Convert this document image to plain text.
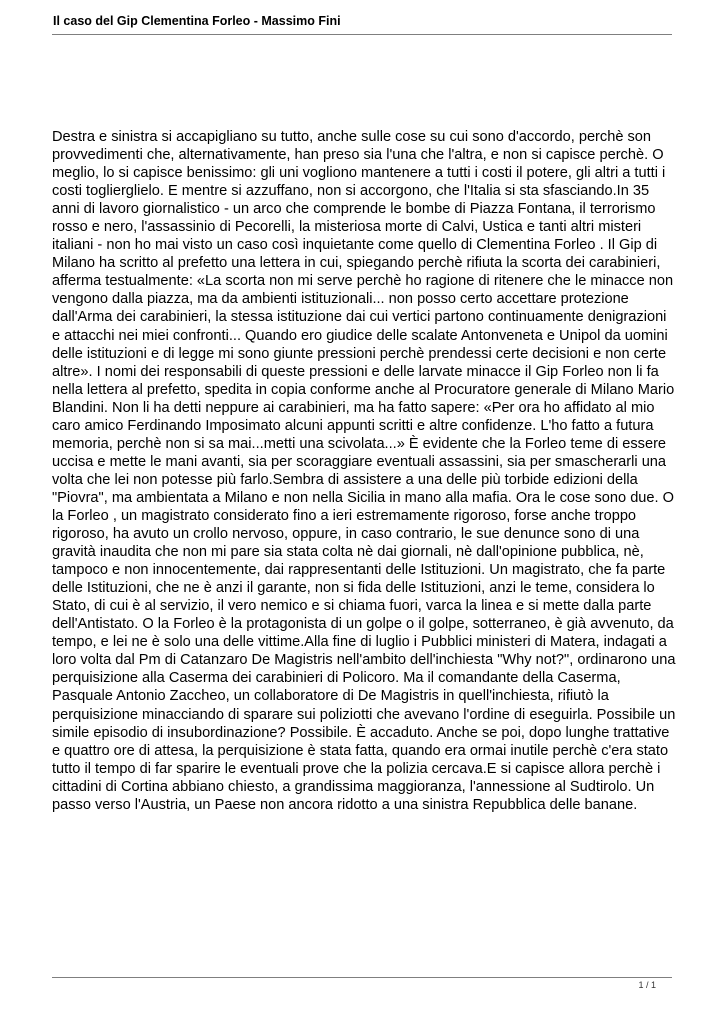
Il caso del Gip Clementina Forleo - Massimo Fini

Destra e sinistra si accapigliano su tutto, anche sulle cose su cui sono d'accordo, perchè son provvedimenti che, alternativamente, han preso sia l'una che l'altra, e non si capisce perchè. O meglio, lo si capisce benissimo: gli uni vogliono mantenere a tutti i costi il potere, gli altri a tutti i costi toglierglielo. E mentre si azzuffano, non si accorgono, che l'Italia si sta sfasciando.In 35 anni di lavoro giornalistico - un arco che comprende le bombe di Piazza Fontana, il terrorismo rosso e nero, l'assassinio di Pecorelli, la misteriosa morte di Calvi, Ustica e tanti altri misteri italiani - non ho mai visto un caso così inquietante come quello di Clementina Forleo . Il Gip di Milano ha scritto al prefetto una lettera in cui, spiegando perchè rifiuta la scorta dei carabinieri, afferma testualmente: «La scorta non mi serve perchè ho ragione di ritenere che le minacce non vengono dalla piazza, ma da ambienti istituzionali... non posso certo accettare protezione dall'Arma dei carabinieri, la stessa istituzione dai cui vertici partono continuamente denigrazioni e attacchi nei miei confronti... Quando ero giudice delle scalate Antonveneta e Unipol da uomini delle istituzioni e di legge mi sono giunte pressioni perchè prendessi certe decisioni e non certe altre». I nomi dei responsabili di queste pressioni e delle larvate minacce il Gip Forleo non li fa nella lettera al prefetto, spedita in copia conforme anche al Procuratore generale di Milano Mario Blandini. Non li ha detti neppure ai carabinieri, ma ha fatto sapere: «Per ora ho affidato al mio caro amico Ferdinando Imposimato alcuni appunti scritti e altre confidenze. L'ho fatto a futura memoria, perchè non si sa mai...metti una scivolata...» È evidente che la Forleo teme di essere uccisa e mette le mani avanti, sia per scoraggiare eventuali assassini, sia per smascherarli una volta che lei non potesse più farlo.Sembra di assistere a una delle più torbide edizioni della "Piovra", ma ambientata a Milano e non nella Sicilia in mano alla mafia. Ora le cose sono due. O la Forleo , un magistrato considerato fino a ieri estremamente rigoroso, forse anche troppo rigoroso, ha avuto un crollo nervoso, oppure, in caso contrario, le sue denunce sono di una gravità inaudita che non mi pare sia stata colta nè dai giornali, nè dall'opinione pubblica, nè, tampoco e non innocentemente, dai rappresentanti delle Istituzioni. Un magistrato, che fa parte delle Istituzioni, che ne è anzi il garante, non si fida delle Istituzioni, anzi le teme, considera lo Stato, di cui è al servizio, il vero nemico e si chiama fuori, varca la linea e si mette dalla parte dell'Antistato. O la Forleo è la protagonista di un golpe o il golpe, sotterraneo, è già avvenuto, da tempo, e lei ne è solo una delle vittime.Alla fine di luglio i Pubblici ministeri di Matera, indagati a loro volta dal Pm di Catanzaro De Magistris nell'ambito dell'inchiesta "Why not?", ordinarono una perquisizione alla Caserma dei carabinieri di Policoro. Ma il comandante della Caserma, Pasquale Antonio Zaccheo, un collaboratore di De Magistris in quell'inchiesta, rifiutò la perquisizione minacciando di sparare sui poliziotti che avevano l'ordine di eseguirla. Possibile un simile episodio di insubordinazione? Possibile. È accaduto. Anche se poi, dopo lunghe trattative e quattro ore di attesa, la perquisizione è stata fatta, quando era ormai inutile perchè c'era stato tutto il tempo di far sparire le eventuali prove che la polizia cercava.E si capisce allora perchè i cittadini di Cortina abbiano chiesto, a grandissima maggioranza, l'annessione al Sudtirolo. Un passo verso l'Austria, un Paese non ancora ridotto a una sinistra Repubblica delle banane.

1 / 1
